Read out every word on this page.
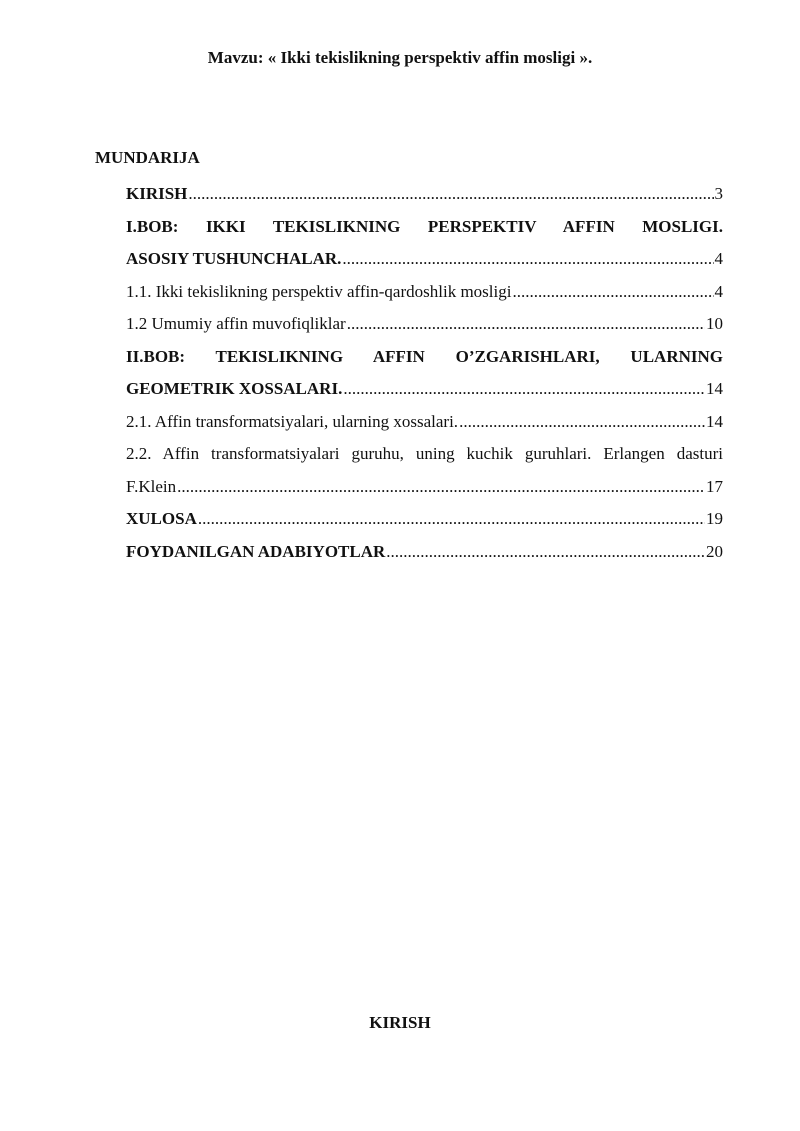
Mavzu: « Ikki tekislikning perspektiv affin mosligi ».
MUNDARIJA
KIRISH .....	3
I.BOB: IKKI TEKISLIKNING PERSPEKTIV AFFIN MOSLIGI.
ASOSIY TUSHUNCHALAR. .....	4
1.1. Ikki tekislikning perspektiv affin-qardoshlik mosligi .....	4
1.2 Umumiy affin muvofiqliklar .....	10
II.BOB: TEKISLIKNING AFFIN O’ZGARISHLARI, ULARNING
GEOMETRIK XOSSALARI. .....	14
2.1. Affin transformatsiyalari, ularning xossalari. .....	14
2.2. Affin transformatsiyalari guruhu, uning kuchik guruhlari. Erlangen dasturi
F.Klein .....	17
XULOSA .....	19
FOYDANILGAN ADABIYOTLAR .....	20
KIRISH
